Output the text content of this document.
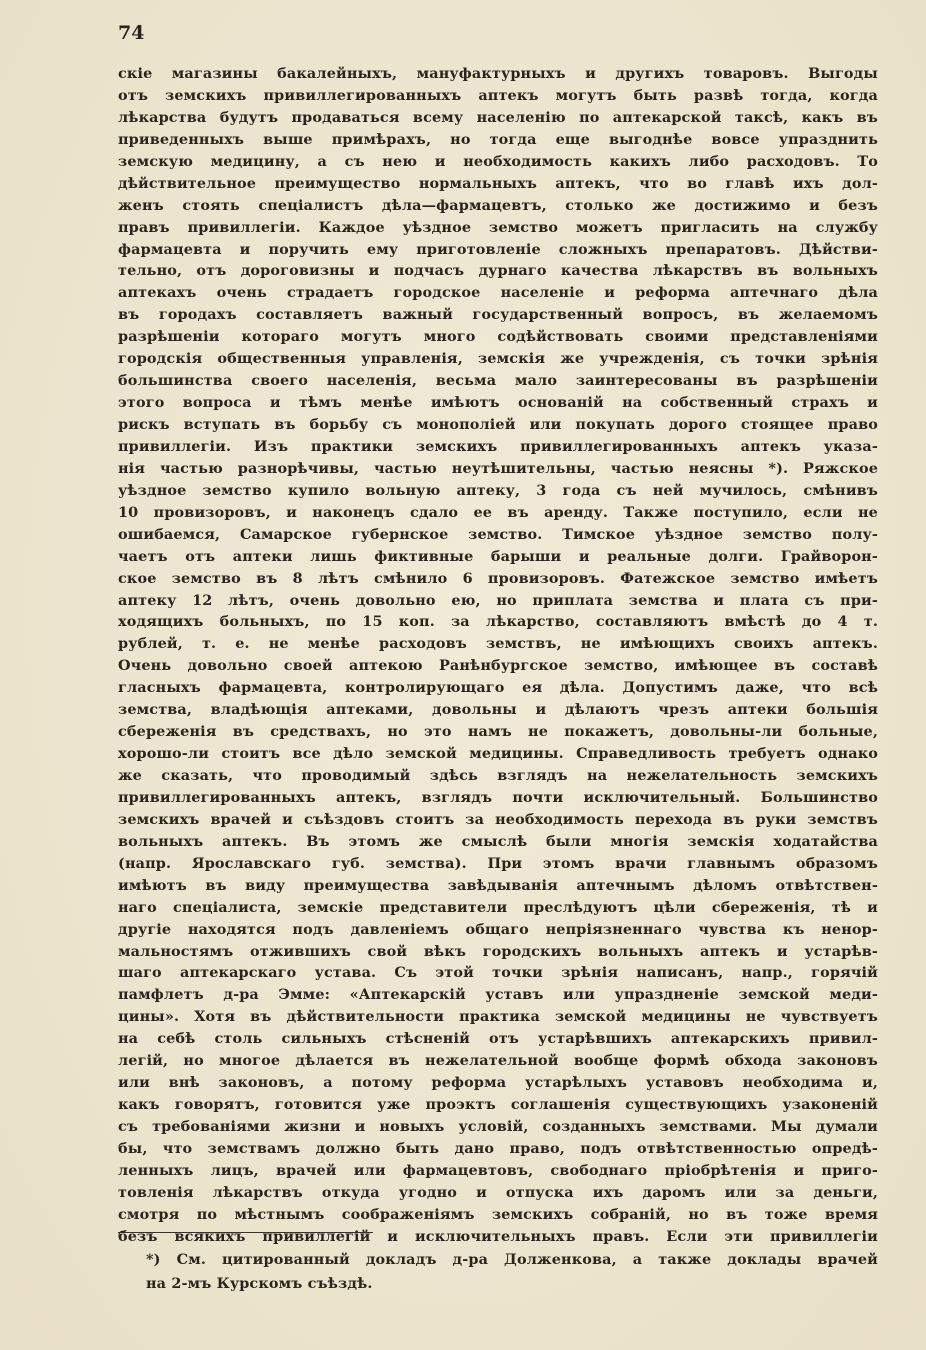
74
скіе магазины бакалейныхъ, мануфактурныхъ и другихъ товаровъ. Выгоды
отъ земскихъ привиллегированныхъ аптекъ могутъ быть развѣ тогда, когда
лѣкарства будутъ продаваться всему населенію по аптекарской таксѣ, какъ въ
приведенныхъ выше примѣрахъ, но тогда еще выгоднѣе вовсе упразднить
земскую медицину, а съ нею и необходимость какихъ либо расходовъ. То
дѣйствительное преимущество нормальныхъ аптекъ, что во главѣ ихъ дол-
женъ стоять спеціалистъ дѣла—фармацевтъ, столько же достижимо и безъ
правъ привиллегіи. Каждое уѣздное земство можетъ пригласить на службу
фармацевта и поручить ему приготовленіе сложныхъ препаратовъ. Дѣйстви-
тельно, отъ дороговизны и подчасъ дурнаго качества лѣкарствъ въ вольныхъ
аптекахъ очень страдаетъ городское населеніе и реформа аптечнаго дѣла
въ городахъ составляетъ важный государственный вопросъ, въ желаемомъ
разрѣшеніи котораго могутъ много содѣйствовать своими представленіями
городскія общественныя управленія, земскія же учрежденія, съ точки зрѣнія
большинства своего населенія, весьма мало заинтересованы въ разрѣшеніи
этого вопроса и тѣмъ менѣе имѣютъ основаній на собственный страхъ и
рискъ вступать въ борьбу съ монополіей или покупать дорого стоящее право
привиллегіи. Изъ практики земскихъ привиллегированныхъ аптекъ указа-
нія частью разнорѣчивы, частью неутѣшительны, частью неясны *). Ряжское
уѣздное земство купило вольную аптеку, 3 года съ ней мучилось, смѣнивъ
10 провизоровъ, и наконецъ сдало ее въ аренду. Также поступило, если не
ошибаемся, Самарское губернское земство. Тимское уѣздное земство полу-
чаетъ отъ аптеки лишь фиктивные барыши и реальные долги. Грайворон-
ское земство въ 8 лѣтъ смѣнило 6 провизоровъ. Фатежское земство имѣетъ
аптеку 12 лѣтъ, очень довольно ею, но приплата земства и плата съ при-
ходящихъ больныхъ, по 15 коп. за лѣкарство, составляютъ вмѣстѣ до 4 т.
рублей, т. е. не менѣе расходовъ земствъ, не имѣющихъ своихъ аптекъ.
Очень довольно своей аптекою Ранѣнбургское земство, имѣющее въ составѣ
гласныхъ фармацевта, контролирующаго ея дѣла. Допустимъ даже, что всѣ
земства, владѣющія аптеками, довольны и дѣлаютъ чрезъ аптеки большія
сбереженія въ средствахъ, но это намъ не покажетъ, довольны-ли больные,
хорошо-ли стоитъ все дѣло земской медицины. Справедливость требуетъ однако
же сказать, что проводимый здѣсь взглядъ на нежелательность земскихъ
привиллегированныхъ аптекъ, взглядъ почти исключительный. Большинство
земскихъ врачей и съѣздовъ стоитъ за необходимость перехода въ руки земствъ
вольныхъ аптекъ. Въ этомъ же смыслѣ были многія земскія ходатайства
(напр. Ярославскаго губ. земства). При этомъ врачи главнымъ образомъ
имѣютъ въ виду преимущества завѣдыванія аптечнымъ дѣломъ отвѣтствен-
наго спеціалиста, земскіе представители преслѣдуютъ цѣли сбереженія, тѣ и
другіе находятся подъ давленіемъ общаго непріязненнаго чувства къ ненор-
мальностямъ отжившихъ свой вѣкъ городскихъ вольныхъ аптекъ и устарѣв-
шаго аптекарскаго устава. Съ этой точки зрѣнія написанъ, напр., горячій
памфлетъ д-ра Эмме: «Аптекарскій уставъ или упраздненіе земской меди-
цины». Хотя въ дѣйствительности практика земской медицины не чувствуетъ
на себѣ столь сильныхъ стѣсненій отъ устарѣвшихъ аптекарскихъ привил-
легій, но многое дѣлается въ нежелательной вообще формѣ обхода законовъ
или внѣ законовъ, а потому реформа устарѣлыхъ уставовъ необходима и,
какъ говорятъ, готовится уже проэктъ соглашенія существующихъ узаконеній
съ требованіями жизни и новыхъ условій, созданныхъ земствами. Мы думали
бы, что земствамъ должно быть дано право, подъ отвѣтственностью опредѣ-
ленныхъ лицъ, врачей или фармацевтовъ, свободнаго пріобрѣтенія и приго-
товленія лѣкарствъ откуда угодно и отпуска ихъ даромъ или за деньги,
смотря по мѣстнымъ соображеніямъ земскихъ собраній, но въ тоже время
безъ всякихъ привиллегій и исключительныхъ правъ. Если эти привиллегіи
*) См. цитированный докладъ д-ра Долженкова, а также доклады врачей
на 2-мъ Курскомъ съѣздѣ.
